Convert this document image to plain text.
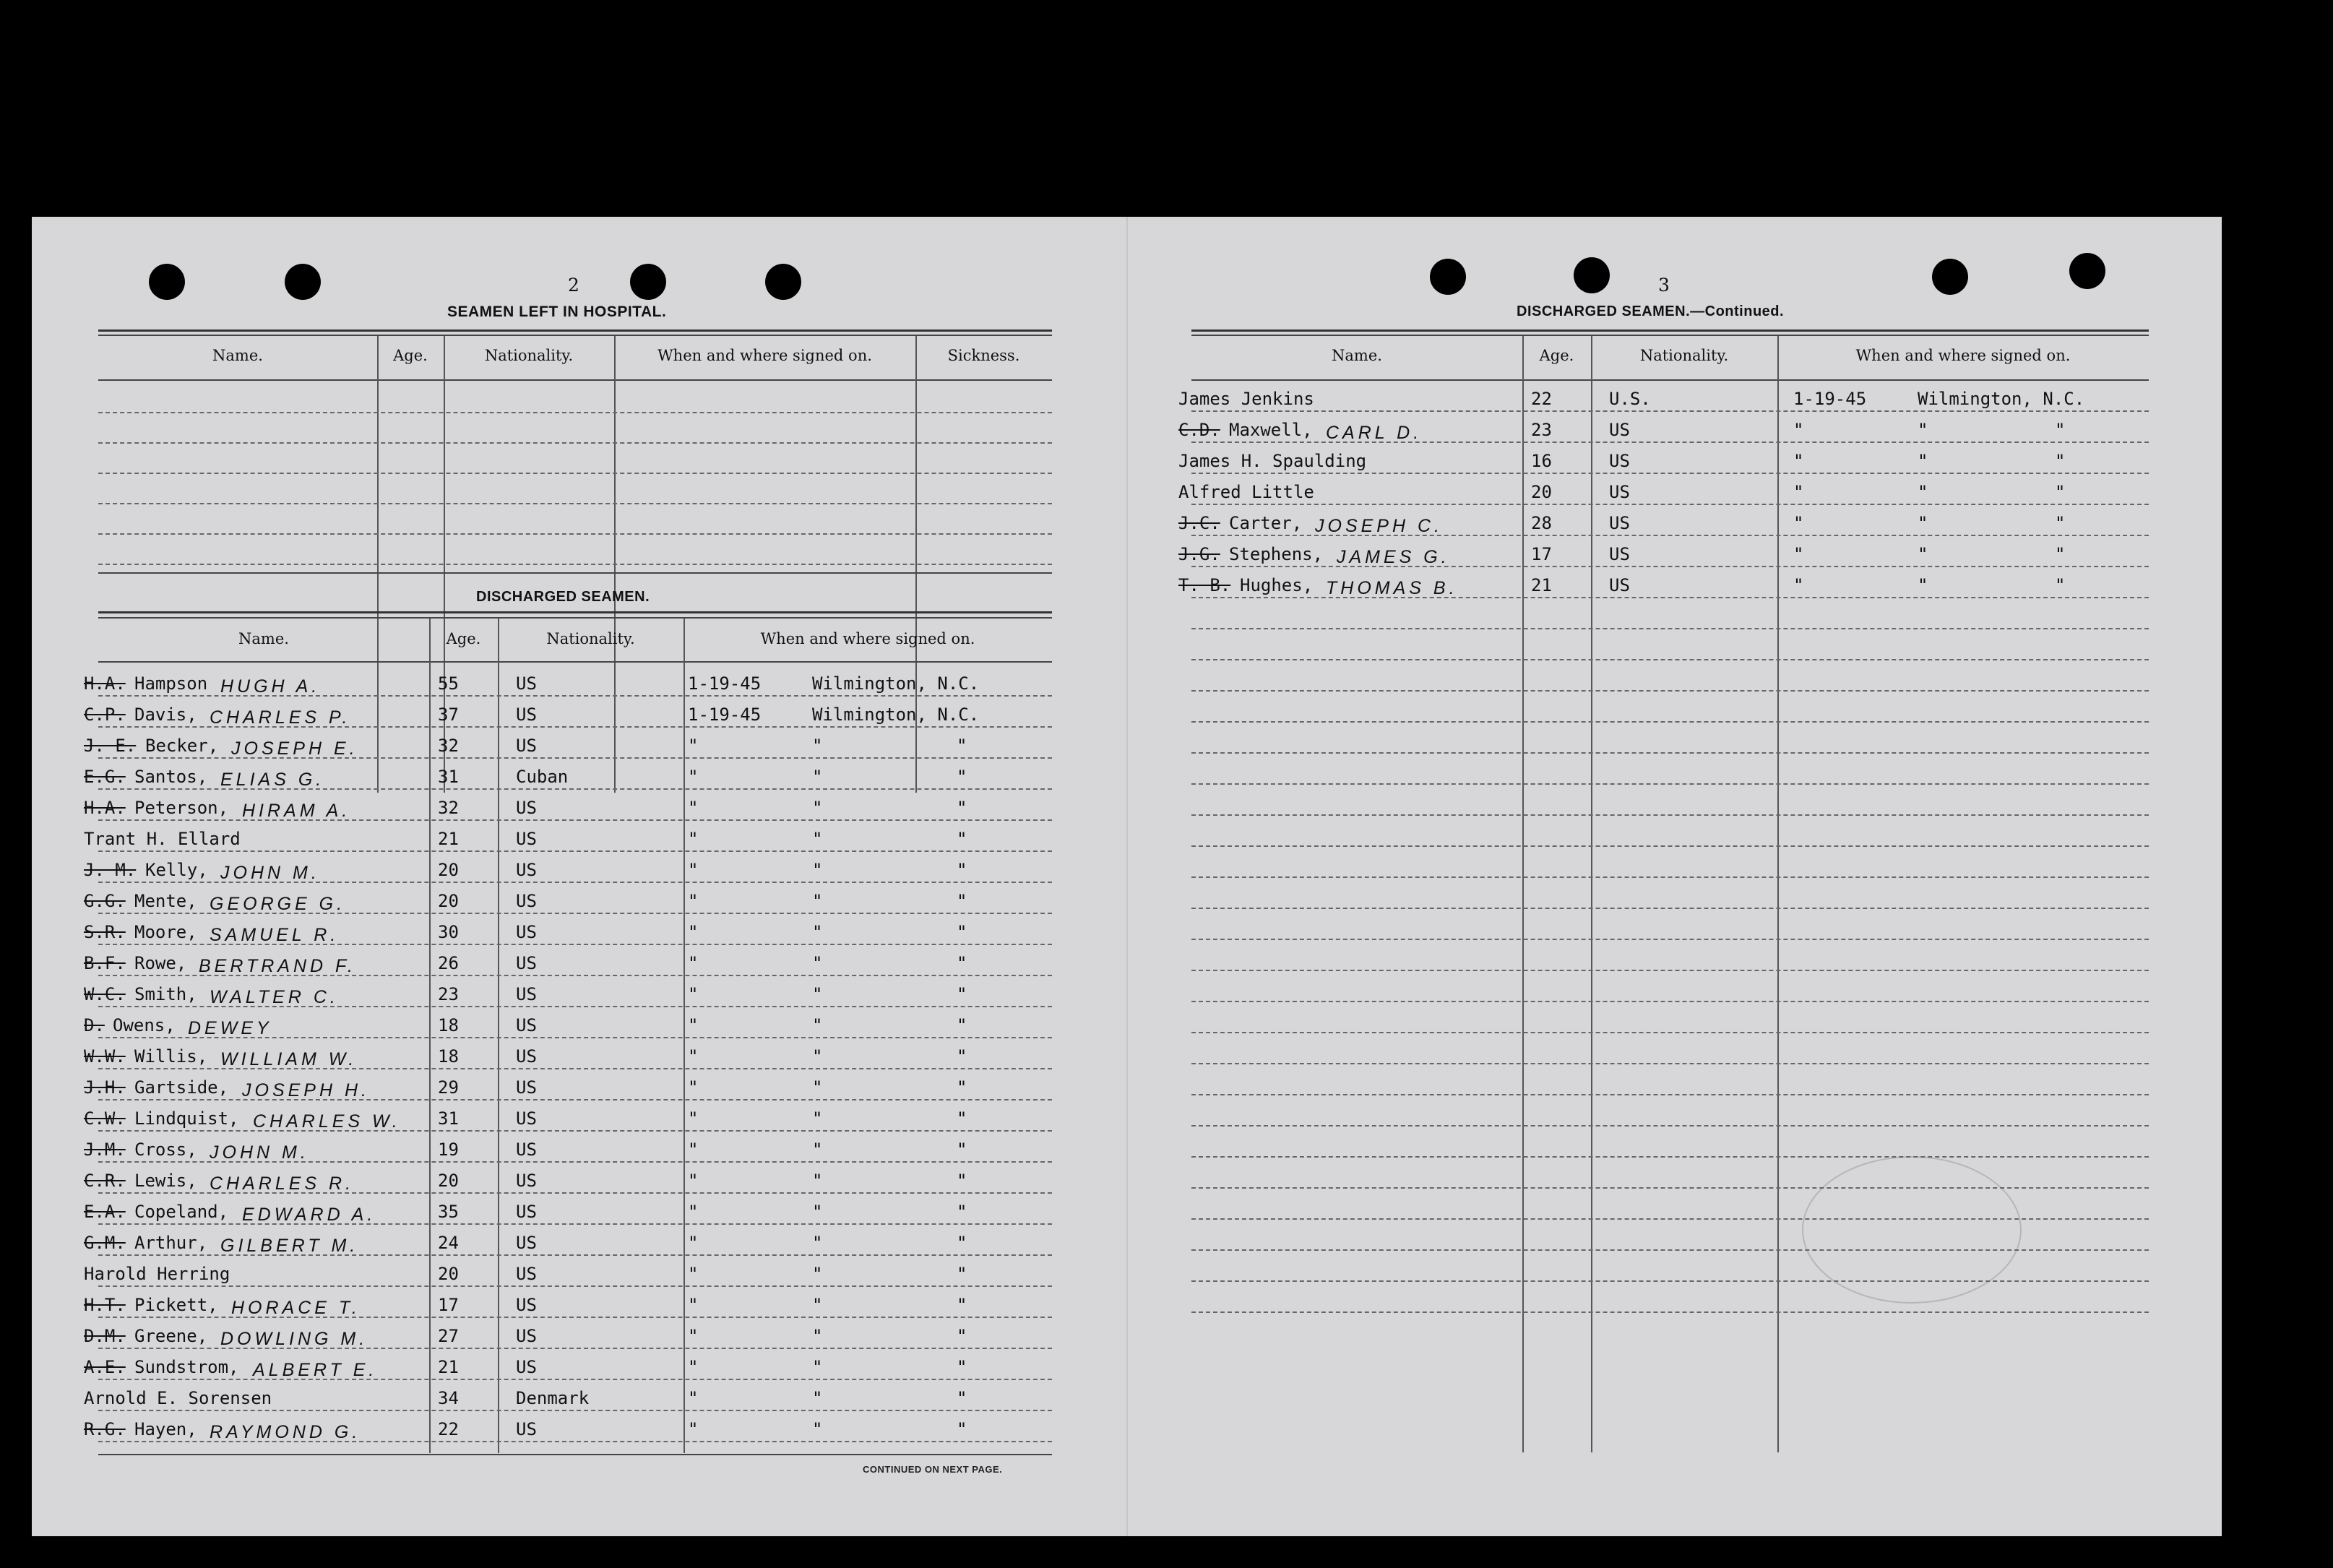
2
SEAMEN LEFT IN HOSPITAL.
Name.	Age.	Nationality.	When and where signed on.	Sickness.
DISCHARGED SEAMEN.
Name.	Age.	Nationality.	When and where signed on.
H.A. Hampson HUGH A.	55	US	1-19-45	Wilmington, N.C.
C.P. Davis, CHARLES P.	37	US	1-19-45	Wilmington, N.C.
J. E. Becker, JOSEPH E.	32	US	"	"	"
E.G. Santos, ELIAS G.	31	Cuban	"	"	"
H.A. Peterson, HIRAM A.	32	US	"	"	"
Trant H. Ellard	21	US	"	"	"
J. M. Kelly, JOHN M.	20	US	"	"	"
G.G. Mente, GEORGE G.	20	US	"	"	"
S.R. Moore, SAMUEL R.	30	US	"	"	"
B.F. Rowe, BERTRAND F.	26	US	"	"	"
W.C. Smith, WALTER C.	23	US	"	"	"
D. Owens, DEWEY	18	US	"	"	"
W.W. Willis, WILLIAM W.	18	US	"	"	"
J.H. Gartside, JOSEPH H.	29	US	"	"	"
C.W. Lindquist, CHARLES W. 31	US	"	"	"
J.M. Cross, JOHN M.	19	US	"	"	"
C.R. Lewis, CHARLES R.	20	US	"	"	"
E.A. Copeland, EDWARD A.	35	US	"	"	"
G.M. Arthur, GILBERT M.	24	US	"	"	"
Harold Herring	20	US	"	"	"
H.T. Pickett, HORACE T.	17	US	"	"	"
D.M. Greene, DOWLING M.	27	US	"	"	"
A.E. Sundstrom, ALBERT E.	21	US	"	"	"
Arnold E. Sorensen	34	Denmark	"	"	"
R.G. Hayen, RAYMOND G.	22	US	"	"	"
CONTINUED ON NEXT PAGE.
3
DISCHARGED SEAMEN.—Continued.
Name.	Age.	Nationality.	When and where signed on.
James Jenkins	22	U.S.	1-19-45	Wilmington, N.C.
C.D. Maxwell, CARL D.	23	US	"	"	"
James H. Spaulding	16	US	"	"	"
Alfred Little	20	US	"	"	"
J.C. Carter, JOSEPH C.	28	US	"	"	"
J.G. Stephens, JAMES G.	17	US	"	"	"
T. B. Hughes, THOMAS B.	21	US	"	"	"
